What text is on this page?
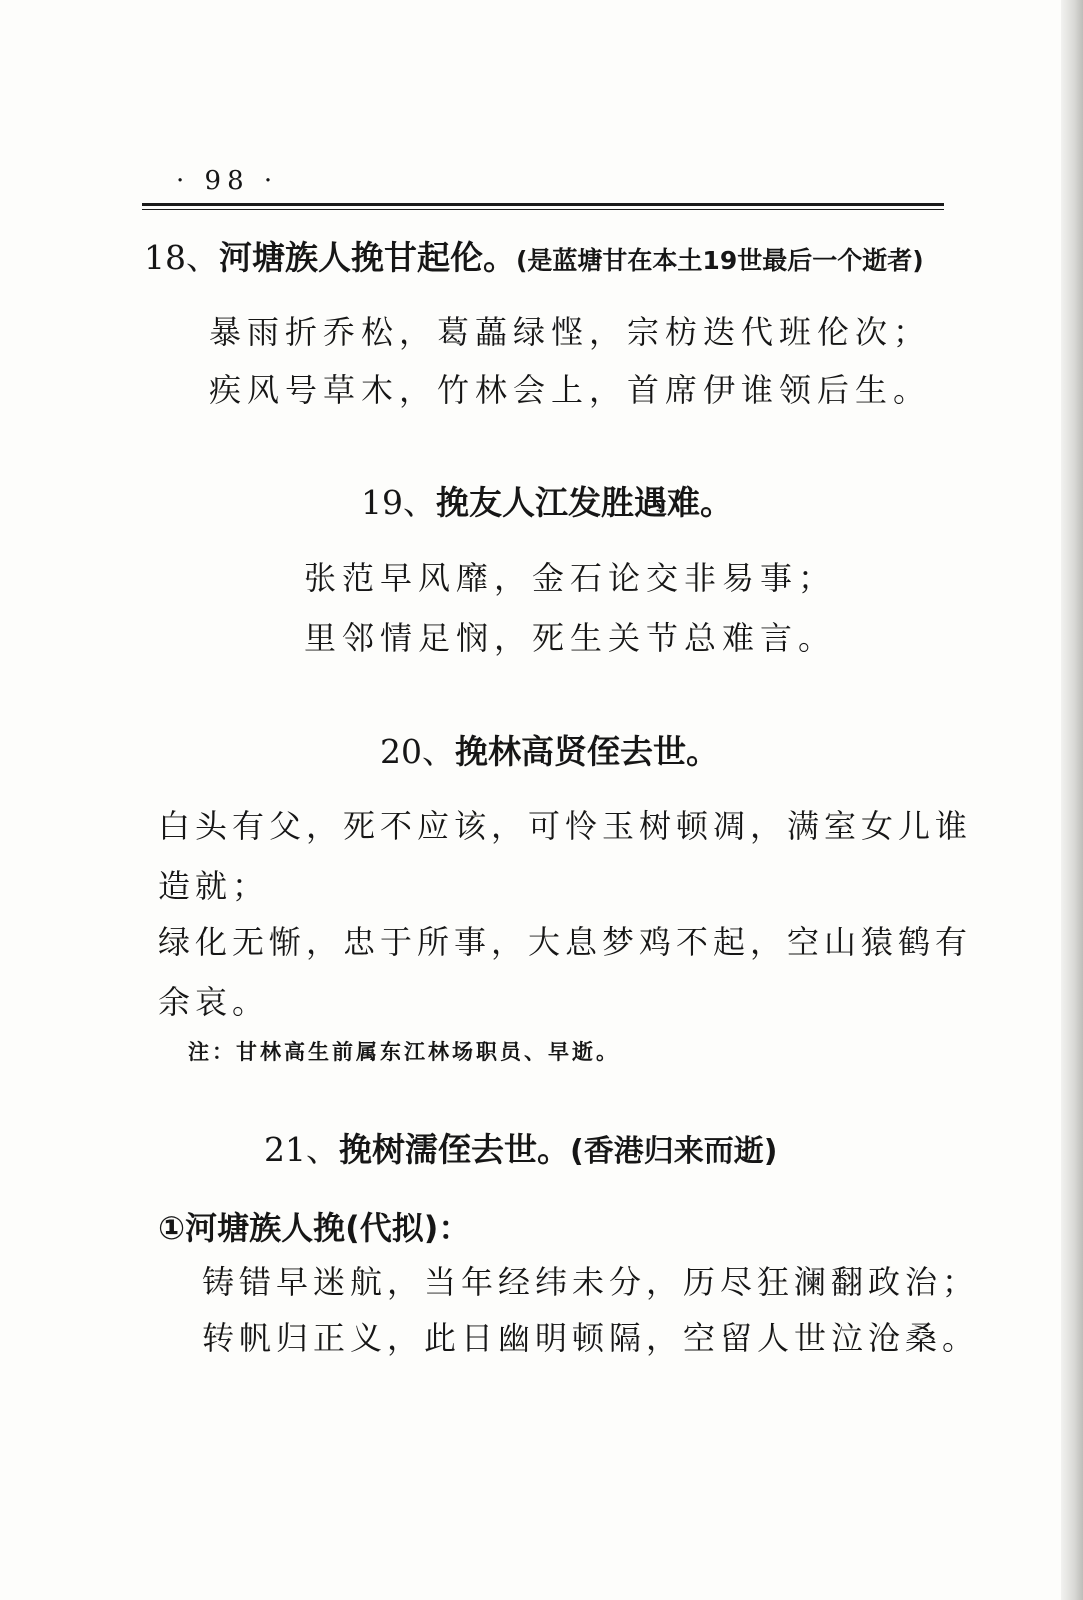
· 98 ·
18、河塘族人挽甘起伦。(是蓝塘甘在本土19世最后一个逝者)
暴雨折乔松，葛藟绿悭，宗枋迭代班伦次；
疾风号草木，竹林会上，首席伊谁领后生。
19、挽友人江发胜遇难。
张范早风靡，金石论交非易事；
里邻情足悯，死生关节总难言。
20、挽林高贤侄去世。
白头有父，死不应该，可怜玉树顿凋，满室女儿谁
造就；
绿化无惭，忠于所事，大息梦鸡不起，空山猿鹤有
余哀。
注：甘林高生前属东江林场职员、早逝。
21、挽树濡侄去世。(香港归来而逝)
①河塘族人挽(代拟)：
铸错早迷航，当年经纬未分，历尽狂澜翻政治；
转帆归正义，此日幽明顿隔，空留人世泣沧桑。
